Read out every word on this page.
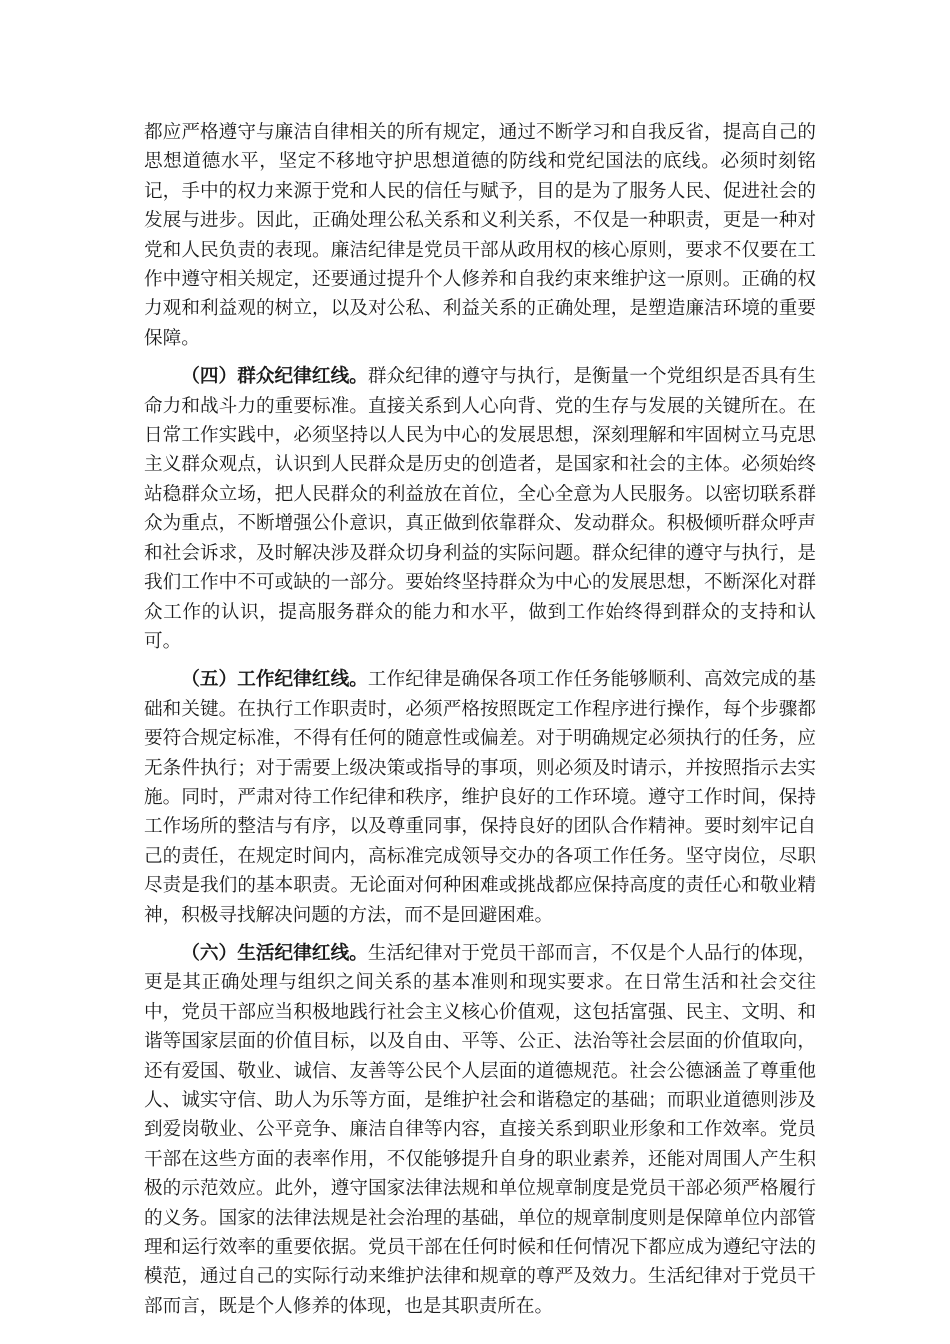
都应严格遵守与廉洁自律相关的所有规定，通过不断学习和自我反省，提高自己的思想道德水平，坚定不移地守护思想道德的防线和党纪国法的底线。必须时刻铭记，手中的权力来源于党和人民的信任与赋予，目的是为了服务人民、促进社会的发展与进步。因此，正确处理公私关系和义利关系，不仅是一种职责，更是一种对党和人民负责的表现。廉洁纪律是党员干部从政用权的核心原则，要求不仅要在工作中遵守相关规定，还要通过提升个人修养和自我约束来维护这一原则。正确的权力观和利益观的树立，以及对公私、利益关系的正确处理，是塑造廉洁环境的重要保障。

（四）群众纪律红线。群众纪律的遵守与执行，是衡量一个党组织是否具有生命力和战斗力的重要标准。直接关系到人心向背、党的生存与发展的关键所在。在日常工作实践中，必须坚持以人民为中心的发展思想，深刻理解和牢固树立马克思主义群众观点，认识到人民群众是历史的创造者，是国家和社会的主体。必须始终站稳群众立场，把人民群众的利益放在首位，全心全意为人民服务。以密切联系群众为重点，不断增强公仆意识，真正做到依靠群众、发动群众。积极倾听群众呼声和社会诉求，及时解决涉及群众切身利益的实际问题。群众纪律的遵守与执行，是我们工作中不可或缺的一部分。要始终坚持群众为中心的发展思想，不断深化对群众工作的认识，提高服务群众的能力和水平，做到工作始终得到群众的支持和认可。

（五）工作纪律红线。工作纪律是确保各项工作任务能够顺利、高效完成的基础和关键。在执行工作职责时，必须严格按照既定工作程序进行操作，每个步骤都要符合规定标准，不得有任何的随意性或偏差。对于明确规定必须执行的任务，应无条件执行；对于需要上级决策或指导的事项，则必须及时请示，并按照指示去实施。同时，严肃对待工作纪律和秩序，维护良好的工作环境。遵守工作时间，保持工作场所的整洁与有序，以及尊重同事，保持良好的团队合作精神。要时刻牢记自己的责任，在规定时间内，高标准完成领导交办的各项工作任务。坚守岗位，尽职尽责是我们的基本职责。无论面对何种困难或挑战都应保持高度的责任心和敬业精神，积极寻找解决问题的方法，而不是回避困难。

（六）生活纪律红线。生活纪律对于党员干部而言，不仅是个人品行的体现，更是其正确处理与组织之间关系的基本准则和现实要求。在日常生活和社会交往中，党员干部应当积极地践行社会主义核心价值观，这包括富强、民主、文明、和谐等国家层面的价值目标，以及自由、平等、公正、法治等社会层面的价值取向，还有爱国、敬业、诚信、友善等公民个人层面的道德规范。社会公德涵盖了尊重他人、诚实守信、助人为乐等方面，是维护社会和谐稳定的基础；而职业道德则涉及到爱岗敬业、公平竞争、廉洁自律等内容，直接关系到职业形象和工作效率。党员干部在这些方面的表率作用，不仅能够提升自身的职业素养，还能对周围人产生积极的示范效应。此外，遵守国家法律法规和单位规章制度是党员干部必须严格履行的义务。国家的法律法规是社会治理的基础，单位的规章制度则是保障单位内部管理和运行效率的重要依据。党员干部在任何时候和任何情况下都应成为遵纪守法的模范，通过自己的实际行动来维护法律和规章的尊严及效力。生活纪律对于党员干部而言，既是个人修养的体现，也是其职责所在。
